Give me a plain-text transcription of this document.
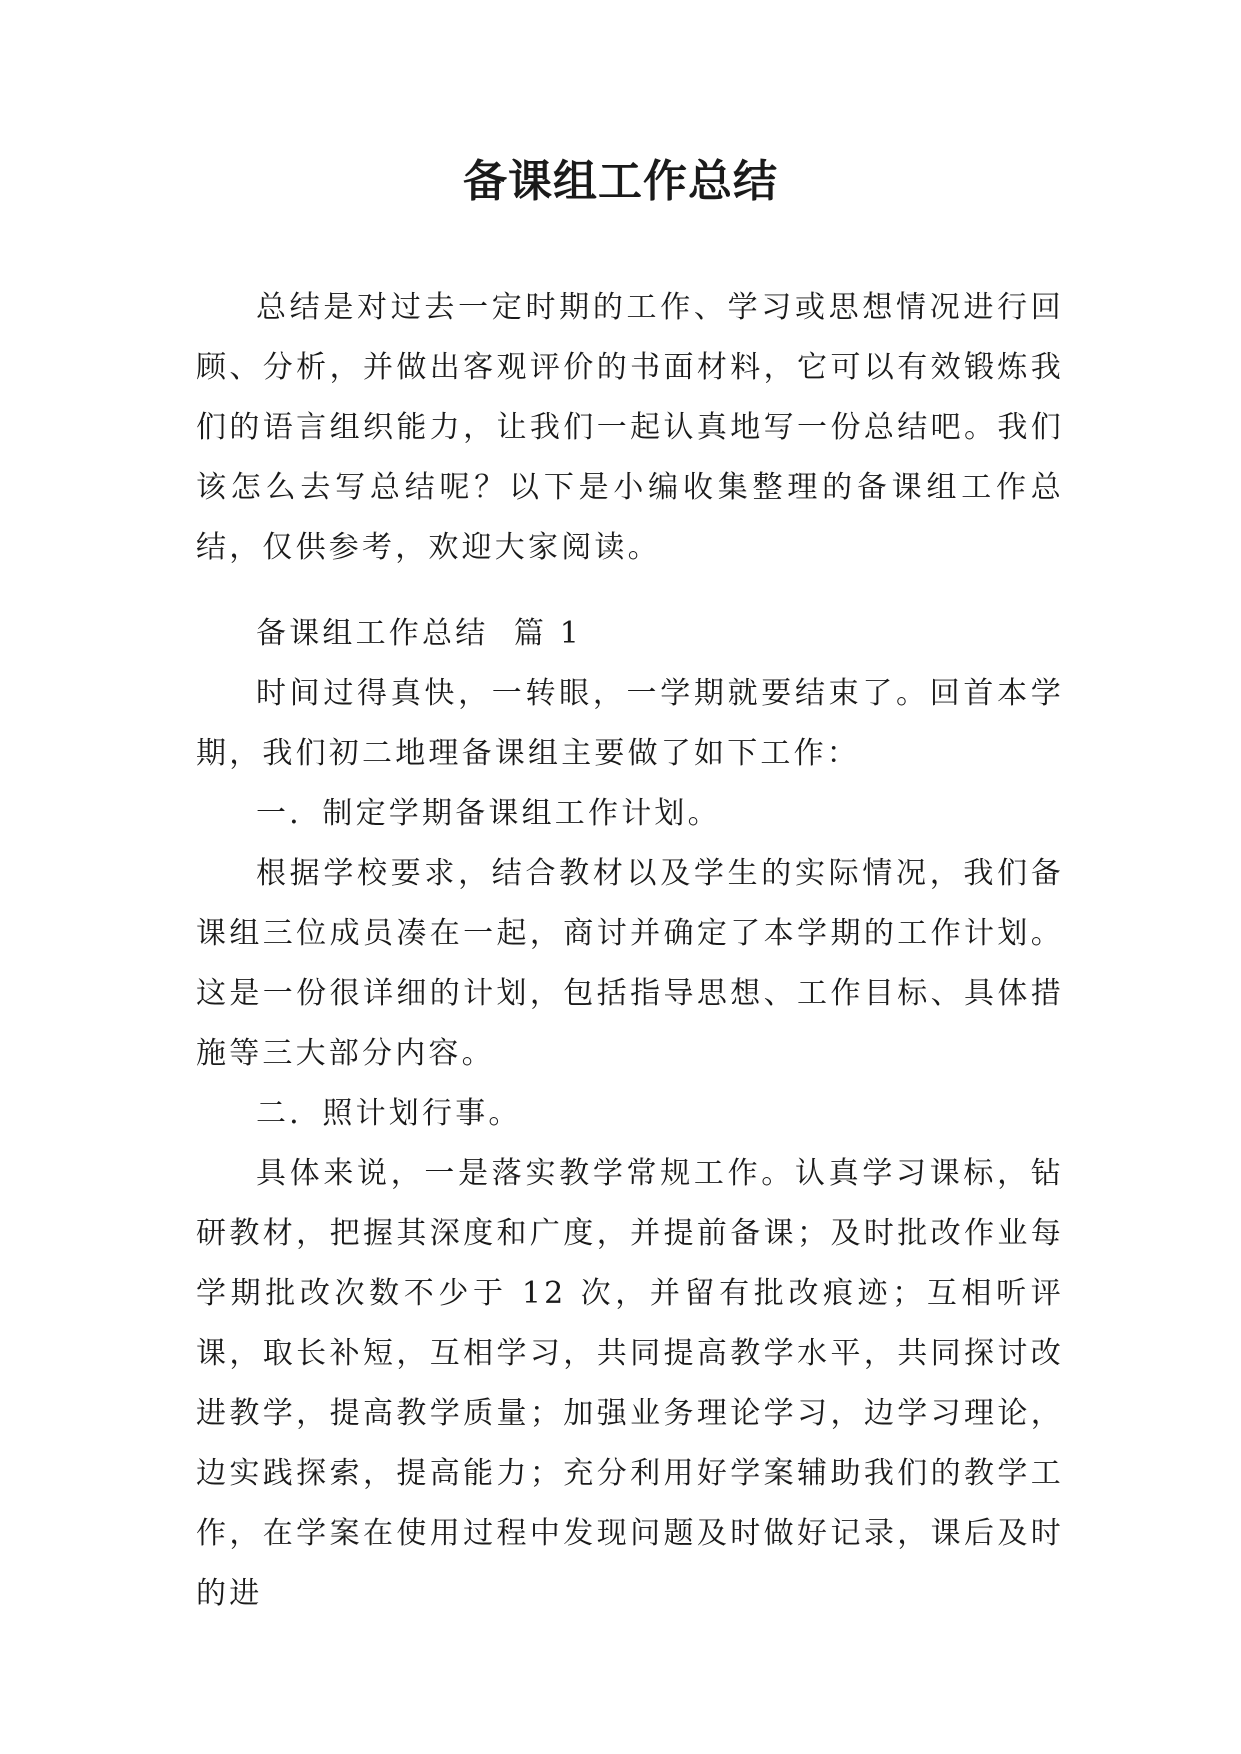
备课组工作总结

总结是对过去一定时期的工作、学习或思想情况进行回顾、分析，并做出客观评价的书面材料，它可以有效锻炼我们的语言组织能力，让我们一起认真地写一份总结吧。我们该怎么去写总结呢？以下是小编收集整理的备课组工作总结，仅供参考，欢迎大家阅读。

备课组工作总结  篇 1

时间过得真快，一转眼，一学期就要结束了。回首本学期，我们初二地理备课组主要做了如下工作：

一．制定学期备课组工作计划。

根据学校要求，结合教材以及学生的实际情况，我们备课组三位成员凑在一起，商讨并确定了本学期的工作计划。这是一份很详细的计划，包括指导思想、工作目标、具体措施等三大部分内容。

二．照计划行事。

具体来说，一是落实教学常规工作。认真学习课标，钻研教材，把握其深度和广度，并提前备课；及时批改作业每学期批改次数不少于 12 次，并留有批改痕迹；互相听评课，取长补短，互相学习，共同提高教学水平，共同探讨改进教学，提高教学质量；加强业务理论学习，边学习理论，边实践探索，提高能力；充分利用好学案辅助我们的教学工作，在学案在使用过程中发现问题及时做好记录，课后及时的进
